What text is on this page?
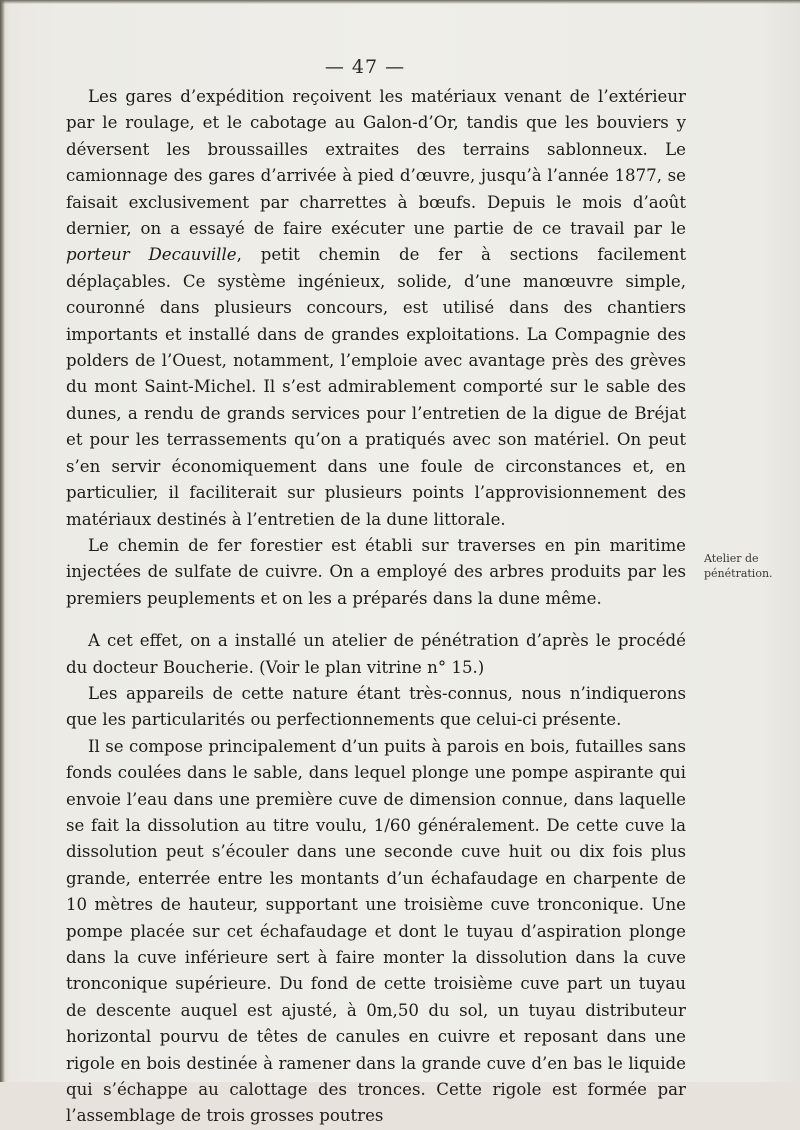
— 47 —

Les gares d’expédition reçoivent les matériaux venant de l’extérieur par le roulage, et le cabotage au Galon-d’Or, tandis que les bouviers y déversent les broussailles extraites des terrains sablonneux. Le camionnage des gares d’arrivée à pied d’œuvre, jusqu’à l’année 1877, se faisait exclusivement par charrettes à bœufs. Depuis le mois d’août dernier, on a essayé de faire exécuter une partie de ce travail par le porteur Decauville, petit chemin de fer à sections facilement déplaçables. Ce système ingénieux, solide, d’une manœuvre simple, couronné dans plusieurs concours, est utilisé dans des chantiers importants et installé dans de grandes exploitations. La Compagnie des polders de l’Ouest, notamment, l’emploie avec avantage près des grèves du mont Saint-Michel. Il s’est admirablement comporté sur le sable des dunes, a rendu de grands services pour l’entretien de la digue de Bréjat et pour les terrassements qu’on a pratiqués avec son matériel. On peut s’en servir économiquement dans une foule de circonstances et, en particulier, il faciliterait sur plusieurs points l’approvisionnement des matériaux destinés à l’entretien de la dune littorale.

Le chemin de fer forestier est établi sur traverses en pin maritime injectées de sulfate de cuivre. On a employé des arbres produits par les premiers peuplements et on les a préparés dans la dune même.

A cet effet, on a installé un atelier de pénétration d’après le procédé du docteur Boucherie. (Voir le plan vitrine n° 15.)

Les appareils de cette nature étant très-connus, nous n’indiquerons que les particularités ou perfectionnements que celui-ci présente.

Il se compose principalement d’un puits à parois en bois, futailles sans fonds coulées dans le sable, dans lequel plonge une pompe aspirante qui envoie l’eau dans une première cuve de dimension connue, dans laquelle se fait la dissolution au titre voulu, 1/60 généralement. De cette cuve la dissolution peut s’écouler dans une seconde cuve huit ou dix fois plus grande, enterrée entre les montants d’un échafaudage en charpente de 10 mètres de hauteur, supportant une troisième cuve tronconique. Une pompe placée sur cet échafaudage et dont le tuyau d’aspiration plonge dans la cuve inférieure sert à faire monter la dissolution dans la cuve tronconique supérieure. Du fond de cette troisième cuve part un tuyau de descente auquel est ajusté, à 0m,50 du sol, un tuyau distributeur horizontal pourvu de têtes de canules en cuivre et reposant dans une rigole en bois destinée à ramener dans la grande cuve d’en bas le liquide qui s’échappe au calottage des tronces. Cette rigole est formée par l’assemblage de trois grosses poutres

Atelier de pénétration.
